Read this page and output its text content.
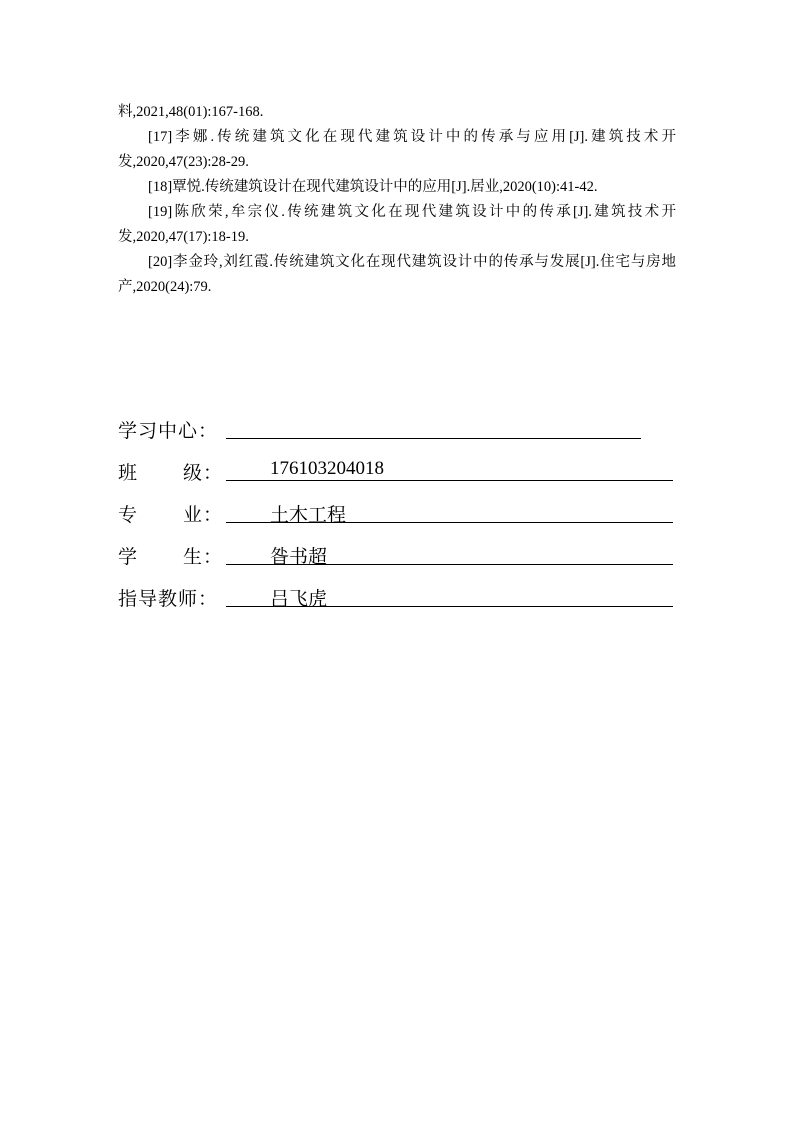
料,2021,48(01):167-168.

[17]李娜.传统建筑文化在现代建筑设计中的传承与应用[J].建筑技术开发,2020,47(23):28-29.

[18]覃悦.传统建筑设计在现代建筑设计中的应用[J].居业,2020(10):41-42.

[19]陈欣荣,牟宗仪.传统建筑文化在现代建筑设计中的传承[J].建筑技术开发,2020,47(17):18-19.

[20]李金玲,刘红霞.传统建筑文化在现代建筑设计中的传承与发展[J].住宅与房地产,2020(24):79.

学习中心：
班 级： 176103204018
专 业： 土木工程
学 生： 昝书超
指导教师：	吕飞虎
